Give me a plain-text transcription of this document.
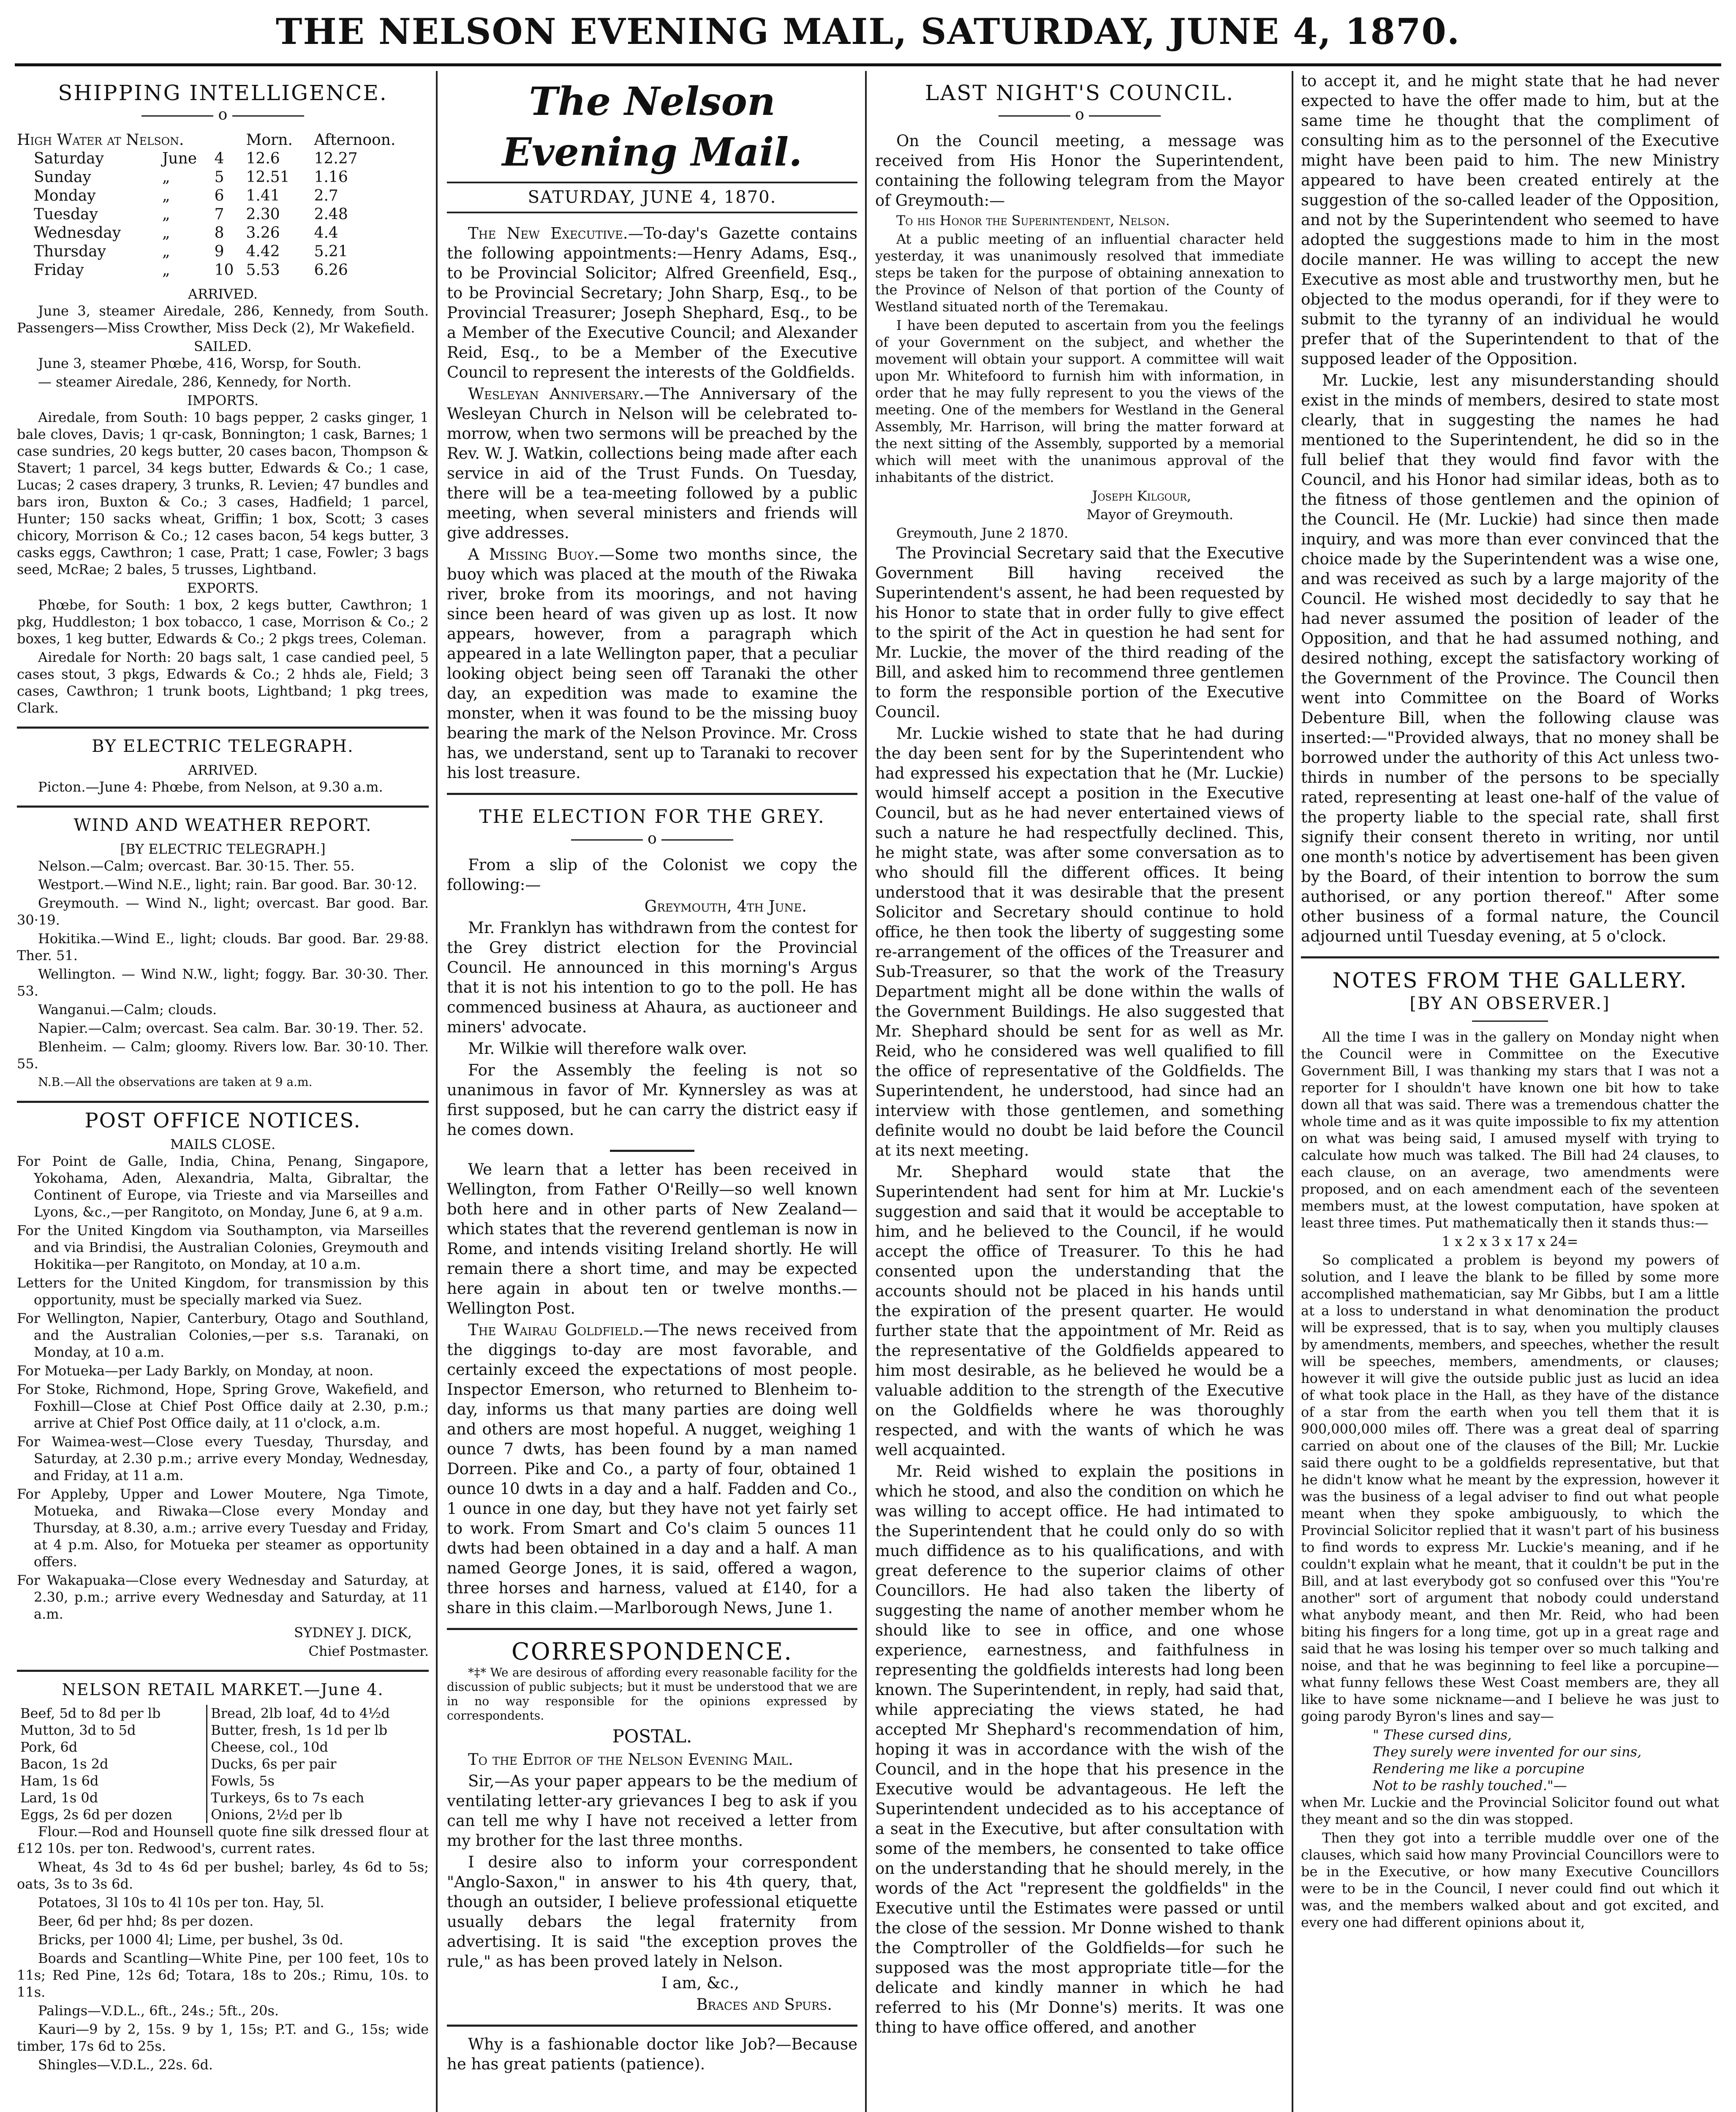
THE NELSON EVENING MAIL, SATURDAY, JUNE 4, 1870.
SHIPPING INTELLIGENCE.
o
High Water at Nelson.			Morn.	Afternoon.
Saturday	June	4	12.6	12.27
Sunday	„	5	12.51	1.16
Monday	„	6	1.41	2.7
Tuesday	„	7	2.30	2.48
Wednesday	„	8	3.26	4.4
Thursday	„	9	4.42	5.21
Friday	„	10	5.53	6.26
ARRIVED.

June 3, steamer Airedale, 286, Kennedy, from South. Passengers—Miss Crowther, Miss Deck (2), Mr Wakefield.

SAILED.

June 3, steamer Phœbe, 416, Worsp, for South.

— steamer Airedale, 286, Kennedy, for North.

IMPORTS.

Airedale, from South: 10 bags pepper, 2 casks ginger, 1 bale cloves, Davis; 1 qr-cask, Bonnington; 1 cask, Barnes; 1 case sundries, 20 kegs butter, 20 cases bacon, Thompson & Stavert; 1 parcel, 34 kegs butter, Edwards & Co.; 1 case, Lucas; 2 cases drapery, 3 trunks, R. Levien; 47 bundles and bars iron, Buxton & Co.; 3 cases, Hadfield; 1 parcel, Hunter; 150 sacks wheat, Griffin; 1 box, Scott; 3 cases chicory, Morrison & Co.; 12 cases bacon, 54 kegs butter, 3 casks eggs, Cawthron; 1 case, Pratt; 1 case, Fowler; 3 bags seed, McRae; 2 bales, 5 trusses, Lightband.

EXPORTS.

Phœbe, for South: 1 box, 2 kegs butter, Cawthron; 1 pkg, Huddleston; 1 box tobacco, 1 case, Morrison & Co.; 2 boxes, 1 keg butter, Edwards & Co.; 2 pkgs trees, Coleman.

Airedale for North: 20 bags salt, 1 case candied peel, 5 cases stout, 3 pkgs, Edwards & Co.; 2 hhds ale, Field; 3 cases, Cawthron; 1 trunk boots, Lightband; 1 pkg trees, Clark.

BY ELECTRIC TELEGRAPH.
ARRIVED.

Picton.—June 4: Phœbe, from Nelson, at 9.30 a.m.

WIND AND WEATHER REPORT.
[BY ELECTRIC TELEGRAPH.]

Nelson.—Calm; overcast. Bar. 30·15. Ther. 55.

Westport.—Wind N.E., light; rain. Bar good. Bar. 30·12.

Greymouth. — Wind N., light; overcast. Bar good. Bar. 30·19.

Hokitika.—Wind E., light; clouds. Bar good. Bar. 29·88. Ther. 51.

Wellington. — Wind N.W., light; foggy. Bar. 30·30. Ther. 53.

Wanganui.—Calm; clouds.

Napier.—Calm; overcast. Sea calm. Bar. 30·19. Ther. 52.

Blenheim. — Calm; gloomy. Rivers low. Bar. 30·10. Ther. 55.

N.B.—All the observations are taken at 9 a.m.

POST OFFICE NOTICES.
MAILS CLOSE.

For Point de Galle, India, China, Penang, Singapore, Yokohama, Aden, Alexandria, Malta, Gibraltar, the Continent of Europe, via Trieste and via Marseilles and Lyons, &c.,—per Rangitoto, on Monday, June 6, at 9 a.m.

For the United Kingdom via Southampton, via Marseilles and via Brindisi, the Australian Colonies, Greymouth and Hokitika—per Rangitoto, on Monday, at 10 a.m.

Letters for the United Kingdom, for transmission by this opportunity, must be specially marked via Suez.

For Wellington, Napier, Canterbury, Otago and Southland, and the Australian Colonies,—per s.s. Taranaki, on Monday, at 10 a.m.

For Motueka—per Lady Barkly, on Monday, at noon.

For Stoke, Richmond, Hope, Spring Grove, Wakefield, and Foxhill—Close at Chief Post Office daily at 2.30, p.m.; arrive at Chief Post Office daily, at 11 o'clock, a.m.

For Waimea-west—Close every Tuesday, Thursday, and Saturday, at 2.30 p.m.; arrive every Monday, Wednesday, and Friday, at 11 a.m.

For Appleby, Upper and Lower Moutere, Nga Timote, Motueka, and Riwaka—Close every Monday and Thursday, at 8.30, a.m.; arrive every Tuesday and Friday, at 4 p.m. Also, for Motueka per steamer as opportunity offers.

For Wakapuaka—Close every Wednesday and Saturday, at 2.30, p.m.; arrive every Wednesday and Saturday, at 11 a.m.

SYDNEY J. DICK,

Chief Postmaster.

NELSON RETAIL MARKET.—June 4.
Beef, 5d to 8d per lb	Bread, 2lb loaf, 4d to 4½d
Mutton, 3d to 5d	Butter, fresh, 1s 1d per lb
Pork, 6d	Cheese, col., 10d
Bacon, 1s 2d	Ducks, 6s per pair
Ham, 1s 6d	Fowls, 5s
Lard, 1s 0d	Turkeys, 6s to 7s each
Eggs, 2s 6d per dozen	Onions, 2½d per lb

Flour.—Rod and Hounsell quote fine silk dressed flour at £12 10s. per ton. Redwood's, current rates.

Wheat, 4s 3d to 4s 6d per bushel; barley, 4s 6d to 5s; oats, 3s to 3s 6d.

Potatoes, 3l 10s to 4l 10s per ton. Hay, 5l.

Beer, 6d per hhd; 8s per dozen.

Bricks, per 1000 4l; Lime, per bushel, 3s 0d.

Boards and Scantling—White Pine, per 100 feet, 10s to 11s; Red Pine, 12s 6d; Totara, 18s to 20s.; Rimu, 10s. to 11s.

Palings—V.D.L., 6ft., 24s.; 5ft., 20s.

Kauri—9 by 2, 15s. 9 by 1, 15s; P.T. and G., 15s; wide timber, 17s 6d to 25s.

Shingles—V.D.L., 22s. 6d.

The Nelson Evening Mail.
SATURDAY, JUNE 4, 1870.

The New Executive.—To-day's Gazette contains the following appointments:—Henry Adams, Esq., to be Provincial Solicitor; Alfred Greenfield, Esq., to be Provincial Secretary; John Sharp, Esq., to be Provincial Treasurer; Joseph Shephard, Esq., to be a Member of the Executive Council; and Alexander Reid, Esq., to be a Member of the Executive Council to represent the interests of the Goldfields.

Wesleyan Anniversary.—The Anniversary of the Wesleyan Church in Nelson will be celebrated to-morrow, when two sermons will be preached by the Rev. W. J. Watkin, collections being made after each service in aid of the Trust Funds. On Tuesday, there will be a tea-meeting followed by a public meeting, when several ministers and friends will give addresses.

A Missing Buoy.—Some two months since, the buoy which was placed at the mouth of the Riwaka river, broke from its moorings, and not having since been heard of was given up as lost. It now appears, however, from a paragraph which appeared in a late Wellington paper, that a peculiar looking object being seen off Taranaki the other day, an expedition was made to examine the monster, when it was found to be the missing buoy bearing the mark of the Nelson Province. Mr. Cross has, we understand, sent up to Taranaki to recover his lost treasure.

THE ELECTION FOR THE GREY.
o

From a slip of the Colonist we copy the following:—

Greymouth, 4th June.

Mr. Franklyn has withdrawn from the contest for the Grey district election for the Provincial Council. He announced in this morning's Argus that it is not his intention to go to the poll. He has commenced business at Ahaura, as auctioneer and miners' advocate.

Mr. Wilkie will therefore walk over.

For the Assembly the feeling is not so unanimous in favor of Mr. Kynnersley as was at first supposed, but he can carry the district easy if he comes down.

We learn that a letter has been received in Wellington, from Father O'Reilly—so well known both here and in other parts of New Zealand—which states that the reverend gentleman is now in Rome, and intends visiting Ireland shortly. He will remain there a short time, and may be expected here again in about ten or twelve months.—Wellington Post.

The Wairau Goldfield.—The news received from the diggings to-day are most favorable, and certainly exceed the expectations of most people. Inspector Emerson, who returned to Blenheim to-day, informs us that many parties are doing well and others are most hopeful. A nugget, weighing 1 ounce 7 dwts, has been found by a man named Dorreen. Pike and Co., a party of four, obtained 1 ounce 10 dwts in a day and a half. Fadden and Co., 1 ounce in one day, but they have not yet fairly set to work. From Smart and Co's claim 5 ounces 11 dwts had been obtained in a day and a half. A man named George Jones, it is said, offered a wagon, three horses and harness, valued at £140, for a share in this claim.—Marlborough News, June 1.

CORRESPONDENCE.

*‡* We are desirous of affording every reasonable facility for the discussion of public subjects; but it must be understood that we are in no way responsible for the opinions expressed by correspondents.

POSTAL.

To the Editor of the Nelson Evening Mail.

Sir,—As your paper appears to be the medium of ventilating letter-ary grievances I beg to ask if you can tell me why I have not received a letter from my brother for the last three months.

I desire also to inform your correspondent "Anglo-Saxon," in answer to his 4th query, that, though an outsider, I believe professional etiquette usually debars the legal fraternity from advertising. It is said "the exception proves the rule," as has been proved lately in Nelson.

I am, &c.,

Braces and Spurs.

Why is a fashionable doctor like Job?—Because he has great patients (patience).

LAST NIGHT'S COUNCIL.
o

On the Council meeting, a message was received from His Honor the Superintendent, containing the following telegram from the Mayor of Greymouth:—

To his Honor the Superintendent, Nelson.

At a public meeting of an influential character held yesterday, it was unanimously resolved that immediate steps be taken for the purpose of obtaining annexation to the Province of Nelson of that portion of the County of Westland situated north of the Teremakau.

I have been deputed to ascertain from you the feelings of your Government on the subject, and whether the movement will obtain your support. A committee will wait upon Mr. Whitefoord to furnish him with information, in order that he may fully represent to you the views of the meeting. One of the members for Westland in the General Assembly, Mr. Harrison, will bring the matter forward at the next sitting of the Assembly, supported by a memorial which will meet with the unanimous approval of the inhabitants of the district.

Joseph Kilgour,

Mayor of Greymouth.

Greymouth, June 2 1870.

The Provincial Secretary said that the Executive Government Bill having received the Superintendent's assent, he had been requested by his Honor to state that in order fully to give effect to the spirit of the Act in question he had sent for Mr. Luckie, the mover of the third reading of the Bill, and asked him to recommend three gentlemen to form the responsible portion of the Executive Council.

Mr. Luckie wished to state that he had during the day been sent for by the Superintendent who had expressed his expectation that he (Mr. Luckie) would himself accept a position in the Executive Council, but as he had never entertained views of such a nature he had respectfully declined. This, he might state, was after some conversation as to who should fill the different offices. It being understood that it was desirable that the present Solicitor and Secretary should continue to hold office, he then took the liberty of suggesting some re-arrangement of the offices of the Treasurer and Sub-Treasurer, so that the work of the Treasury Department might all be done within the walls of the Government Buildings. He also suggested that Mr. Shephard should be sent for as well as Mr. Reid, who he considered was well qualified to fill the office of representative of the Goldfields. The Superintendent, he understood, had since had an interview with those gentlemen, and something definite would no doubt be laid before the Council at its next meeting.

Mr. Shephard would state that the Superintendent had sent for him at Mr. Luckie's suggestion and said that it would be acceptable to him, and he believed to the Council, if he would accept the office of Treasurer. To this he had consented upon the understanding that the accounts should not be placed in his hands until the expiration of the present quarter. He would further state that the appointment of Mr. Reid as the representative of the Goldfields appeared to him most desirable, as he believed he would be a valuable addition to the strength of the Executive on the Goldfields where he was thoroughly respected, and with the wants of which he was well acquainted.

Mr. Reid wished to explain the positions in which he stood, and also the condition on which he was willing to accept office. He had intimated to the Superintendent that he could only do so with much diffidence as to his qualifications, and with great deference to the superior claims of other Councillors. He had also taken the liberty of suggesting the name of another member whom he should like to see in office, and one whose experience, earnestness, and faithfulness in representing the goldfields interests had long been known. The Superintendent, in reply, had said that, while appreciating the views stated, he had accepted Mr Shephard's recommendation of him, hoping it was in accordance with the wish of the Council, and in the hope that his presence in the Executive would be advantageous. He left the Superintendent undecided as to his acceptance of a seat in the Executive, but after consultation with some of the members, he consented to take office on the understanding that he should merely, in the words of the Act "represent the goldfields" in the Executive until the Estimates were passed or until the close of the session. Mr Donne wished to thank the Comptroller of the Goldfields—for such he supposed was the most appropriate title—for the delicate and kindly manner in which he had referred to his (Mr Donne's) merits. It was one thing to have office offered, and another

to accept it, and he might state that he had never expected to have the offer made to him, but at the same time he thought that the compliment of consulting him as to the personnel of the Executive might have been paid to him. The new Ministry appeared to have been created entirely at the suggestion of the so-called leader of the Opposition, and not by the Superintendent who seemed to have adopted the suggestions made to him in the most docile manner. He was willing to accept the new Executive as most able and trustworthy men, but he objected to the modus operandi, for if they were to submit to the tyranny of an individual he would prefer that of the Superintendent to that of the supposed leader of the Opposition.

Mr. Luckie, lest any misunderstanding should exist in the minds of members, desired to state most clearly, that in suggesting the names he had mentioned to the Superintendent, he did so in the full belief that they would find favor with the Council, and his Honor had similar ideas, both as to the fitness of those gentlemen and the opinion of the Council. He (Mr. Luckie) had since then made inquiry, and was more than ever convinced that the choice made by the Superintendent was a wise one, and was received as such by a large majority of the Council. He wished most decidedly to say that he had never assumed the position of leader of the Opposition, and that he had assumed nothing, and desired nothing, except the satisfactory working of the Government of the Province. The Council then went into Committee on the Board of Works Debenture Bill, when the following clause was inserted:—"Provided always, that no money shall be borrowed under the authority of this Act unless two-thirds in number of the persons to be specially rated, representing at least one-half of the value of the property liable to the special rate, shall first signify their consent thereto in writing, nor until one month's notice by advertisement has been given by the Board, of their intention to borrow the sum authorised, or any portion thereof." After some other business of a formal nature, the Council adjourned until Tuesday evening, at 5 o'clock.

NOTES FROM THE GALLERY.
[BY AN OBSERVER.]

All the time I was in the gallery on Monday night when the Council were in Committee on the Executive Government Bill, I was thanking my stars that I was not a reporter for I shouldn't have known one bit how to take down all that was said. There was a tremendous chatter the whole time and as it was quite impossible to fix my attention on what was being said, I amused myself with trying to calculate how much was talked. The Bill had 24 clauses, to each clause, on an average, two amendments were proposed, and on each amendment each of the seventeen members must, at the lowest computation, have spoken at least three times. Put mathematically then it stands thus:—

1 x 2 x 3 x 17 x 24=

So complicated a problem is beyond my powers of solution, and I leave the blank to be filled by some more accomplished mathematician, say Mr Gibbs, but I am a little at a loss to understand in what denomination the product will be expressed, that is to say, when you multiply clauses by amendments, members, and speeches, whether the result will be speeches, members, amendments, or clauses; however it will give the outside public just as lucid an idea of what took place in the Hall, as they have of the distance of a star from the earth when you tell them that it is 900,000,000 miles off. There was a great deal of sparring carried on about one of the clauses of the Bill; Mr. Luckie said there ought to be a goldfields representative, but that he didn't know what he meant by the expression, however it was the business of a legal adviser to find out what people meant when they spoke ambiguously, to which the Provincial Solicitor replied that it wasn't part of his business to find words to express Mr. Luckie's meaning, and if he couldn't explain what he meant, that it couldn't be put in the Bill, and at last everybody got so confused over this "You're another" sort of argument that nobody could understand what anybody meant, and then Mr. Reid, who had been biting his fingers for a long time, got up in a great rage and said that he was losing his temper over so much talking and noise, and that he was beginning to feel like a porcupine—what funny fellows these West Coast members are, they all like to have some nickname—and I believe he was just to going parody Byron's lines and say—

" These cursed dins,
They surely were invented for our sins,
Rendering me like a porcupine
Not to be rashly touched."—

when Mr. Luckie and the Provincial Solicitor found out what they meant and so the din was stopped.

Then they got into a terrible muddle over one of the clauses, which said how many Provincial Councillors were to be in the Executive, or how many Executive Councillors were to be in the Council, I never could find out which it was, and the members walked about and got excited, and every one had different opinions about it,
